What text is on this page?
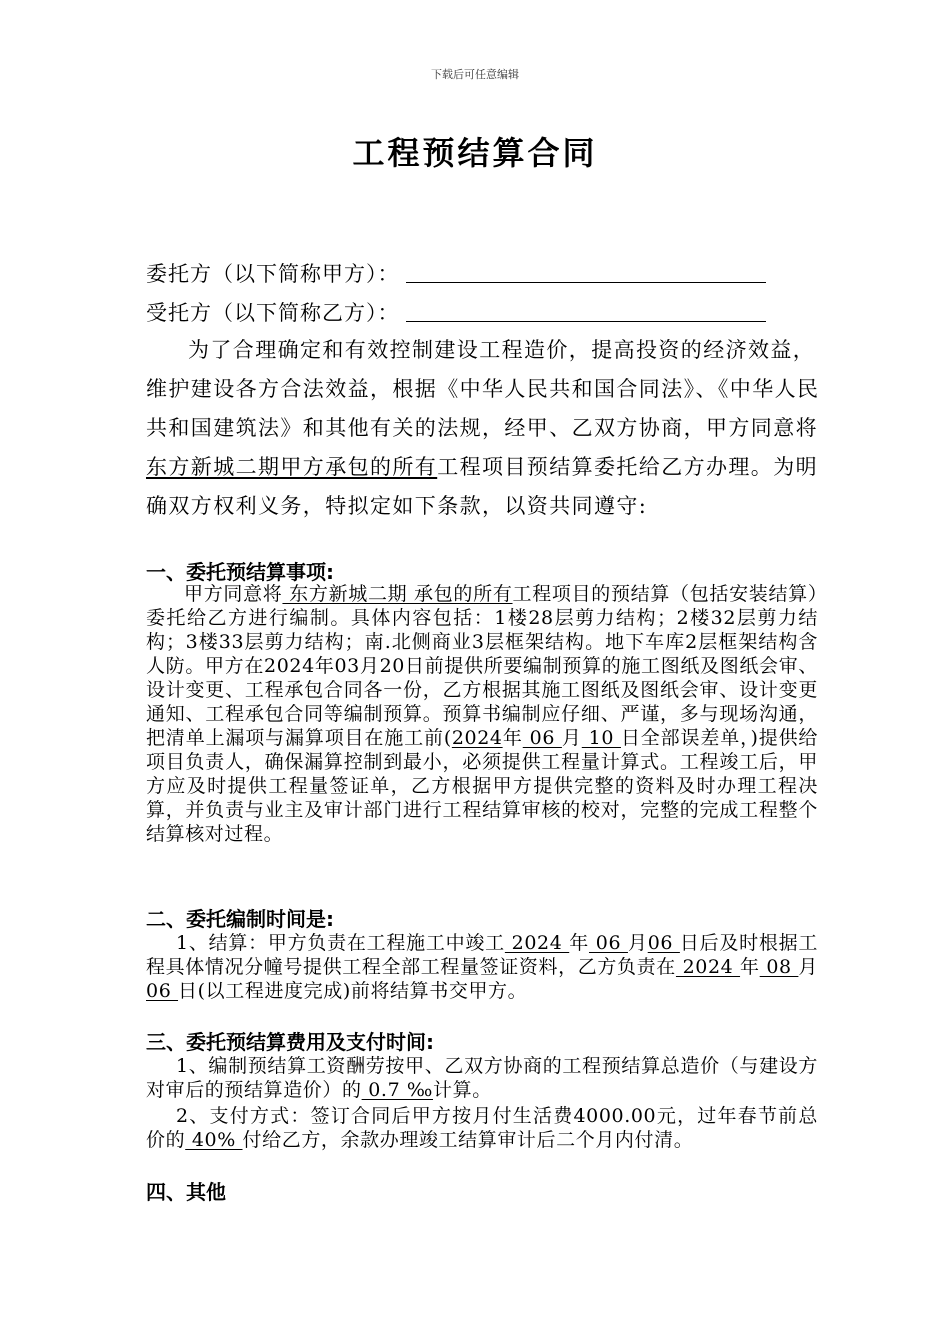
下载后可任意编辑
工程预结算合同
委托方（以下简称甲方）：
受托方（以下简称乙方）：

为了合理确定和有效控制建设工程造价，提高投资的经济效益，维护建设各方合法效益，根据《中华人民共和国合同法》、《中华人民共和国建筑法》和其他有关的法规，经甲、乙双方协商，甲方同意将 东方新城二期甲方承包的所有工程项目预结算委托给乙方办理。为明确双方权利义务，特拟定如下条款，以资共同遵守:

一、委托预结算事项:

甲方同意将 东方新城二期 承包的所有工程项目的预结算（包括安装结算）委托给乙方进行编制。具体内容包括：1楼28层剪力结构；2楼32层剪力结构；3楼33层剪力结构；南.北侧商业3层框架结构。地下车库2层框架结构含人防。甲方在2024年03月20日前提供所要编制预算的施工图纸及图纸会审、设计变更、工程承包合同各一份，乙方根据其施工图纸及图纸会审、设计变更通知、工程承包合同等编制预算。预算书编制应仔细、严谨，多与现场沟通，把清单上漏项与漏算项目在施工前(2024年 06 月 10 日全部误差单，)提供给项目负责人，确保漏算控制到最小，必须提供工程量计算式。工程竣工后，甲方应及时提供工程量签证单，乙方根据甲方提供完整的资料及时办理工程决算，并负责与业主及审计部门进行工程结算审核的校对，完整的完成工程整个结算核对过程。

二、委托编制时间是:

1、结算：甲方负责在工程施工中竣工 2024 年 06 月06 日后及时根据工程具体情况分幢号提供工程全部工程量签证资料，乙方负责在 2024 年 08 月 06 日(以工程进度完成)前将结算书交甲方。

三、委托预结算费用及支付时间:

1、编制预结算工资酬劳按甲、乙双方协商的工程预结算总造价（与建设方对审后的预结算造价）的 0.7 ‰计算。

2、支付方式：签订合同后甲方按月付生活费4000.00元，过年春节前总价的 40% 付给乙方，余款办理竣工结算审计后二个月内付清。

四、其他
